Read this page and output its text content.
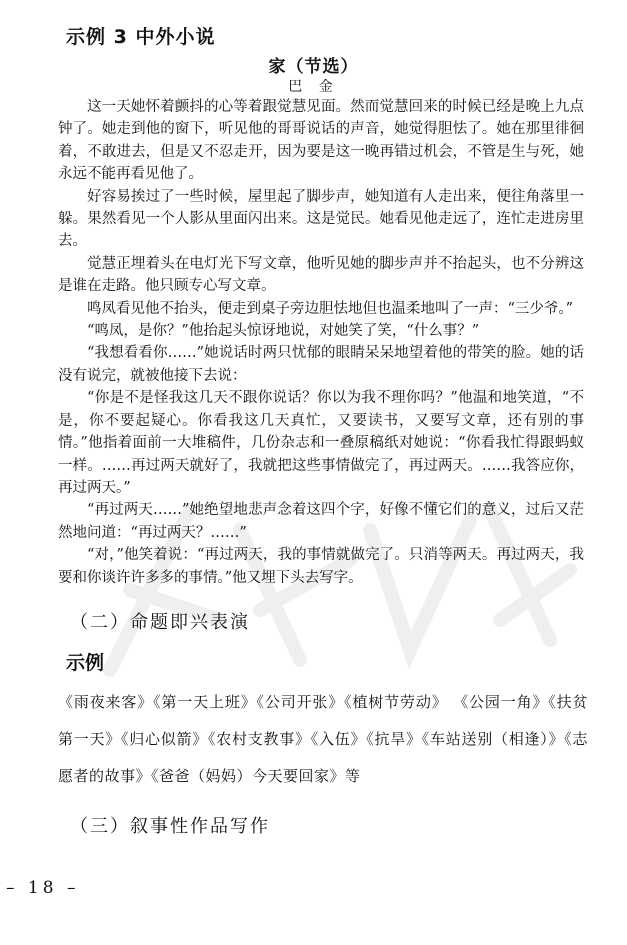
示例 3 中外小说
家（节选）
巴 金

这一天她怀着颤抖的心等着跟觉慧见面。然而觉慧回来的时候已经是晚上九点钟了。她走到他的窗下，听见他的哥哥说话的声音，她觉得胆怯了。她在那里徘徊着，不敢进去，但是又不忍走开，因为要是这一晚再错过机会，不管是生与死，她永远不能再看见他了。

好容易挨过了一些时候，屋里起了脚步声，她知道有人走出来，便往角落里一躲。果然看见一个人影从里面闪出来。这是觉民。她看见他走远了，连忙走进房里去。

觉慧正埋着头在电灯光下写文章，他听见她的脚步声并不抬起头，也不分辨这是谁在走路。他只顾专心写文章。

鸣凤看见他不抬头，便走到桌子旁边胆怯地但也温柔地叫了一声：“三少爷。”

“鸣凤，是你？”他抬起头惊讶地说，对她笑了笑，“什么事？”

“我想看看你……”她说话时两只忧郁的眼睛呆呆地望着他的带笑的脸。她的话没有说完，就被他接下去说：

“你是不是怪我这几天不跟你说话？你以为我不理你吗？”他温和地笑道，“不是，你不要起疑心。你看我这几天真忙，又要读书，又要写文章，还有别的事情。”他指着面前一大堆稿件，几份杂志和一叠原稿纸对她说：“你看我忙得跟蚂蚁一样。……再过两天就好了，我就把这些事情做完了，再过两天。……我答应你，再过两天。”

“再过两天……”她绝望地悲声念着这四个字，好像不懂它们的意义，过后又茫然地问道：“再过两天？……”

“对，”他笑着说：“再过两天，我的事情就做完了。只消等两天。再过两天，我要和你谈许许多多的事情。”他又埋下头去写字。

（二）命题即兴表演
示例
《雨夜来客》《第一天上班》《公司开张》《植树节劳动》 《公园一角》《扶贫第一天》《归心似箭》《农村支教事》《入伍》《抗旱》《车站送别（相逢）》《志愿者的故事》《爸爸（妈妈）今天要回家》等
（三）叙事性作品写作
– 18 –
